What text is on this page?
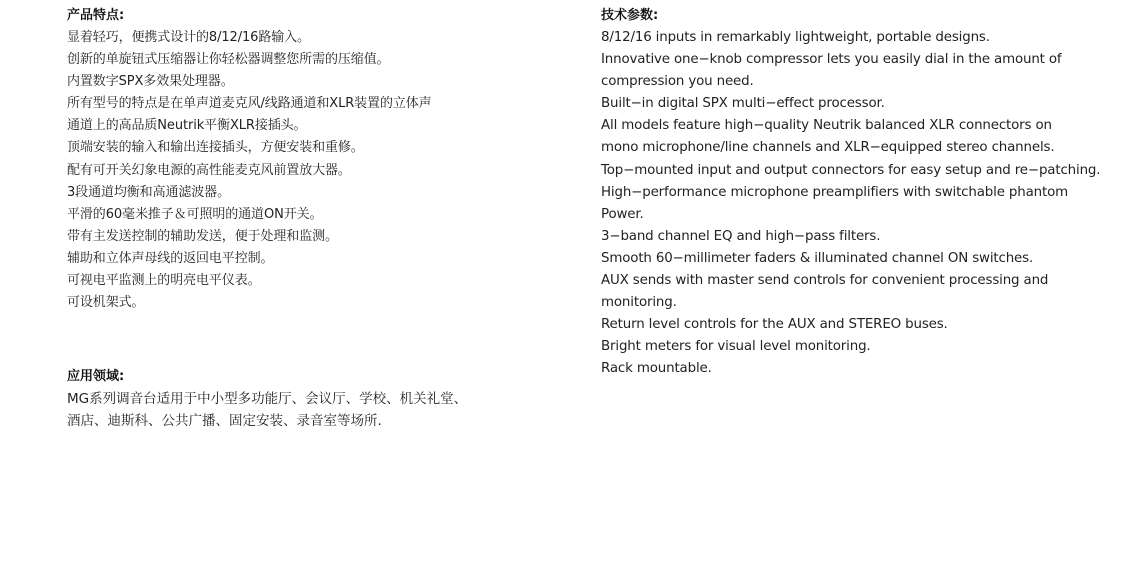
产品特点:
显着轻巧，便携式设计的8/12/16路输入。
创新的单旋钮式压缩器让你轻松器调整您所需的压缩值。
内置数字SPX多效果处理器。
所有型号的特点是在单声道麦克风/线路通道和XLR装置的立体声
通道上的高品质Neutrik平衡XLR接插头。
顶端安装的输入和输出连接插头，方便安装和重修。
配有可开关幻象电源的高性能麦克风前置放大器。
3段通道均衡和高通滤波器。
平滑的60毫米推子＆可照明的通道ON开关。
带有主发送控制的辅助发送，便于处理和监测。
辅助和立体声母线的返回电平控制。
可视电平监测上的明亮电平仪表。
可设机架式。
应用领域:
MG系列调音台适用于中小型多功能厅、会议厅、学校、机关礼堂、
酒店、迪斯科、公共广播、固定安装、录音室等场所.
技术参数:
8/12/16 inputs in remarkably lightweight, portable designs.
Innovative one−knob compressor lets you easily dial in the amount of
compression you need.
Built−in digital SPX multi−effect processor.
All models feature high−quality Neutrik balanced XLR connectors on
mono microphone/line channels and XLR−equipped stereo channels.
Top−mounted input and output connectors for easy setup and re−patching.
High−performance microphone preamplifiers with switchable phantom
Power.
3−band channel EQ and high−pass filters.
Smooth 60−millimeter faders & illuminated channel ON switches.
AUX sends with master send controls for convenient processing and
monitoring.
Return level controls for the AUX and STEREO buses.
Bright meters for visual level monitoring.
Rack mountable.
